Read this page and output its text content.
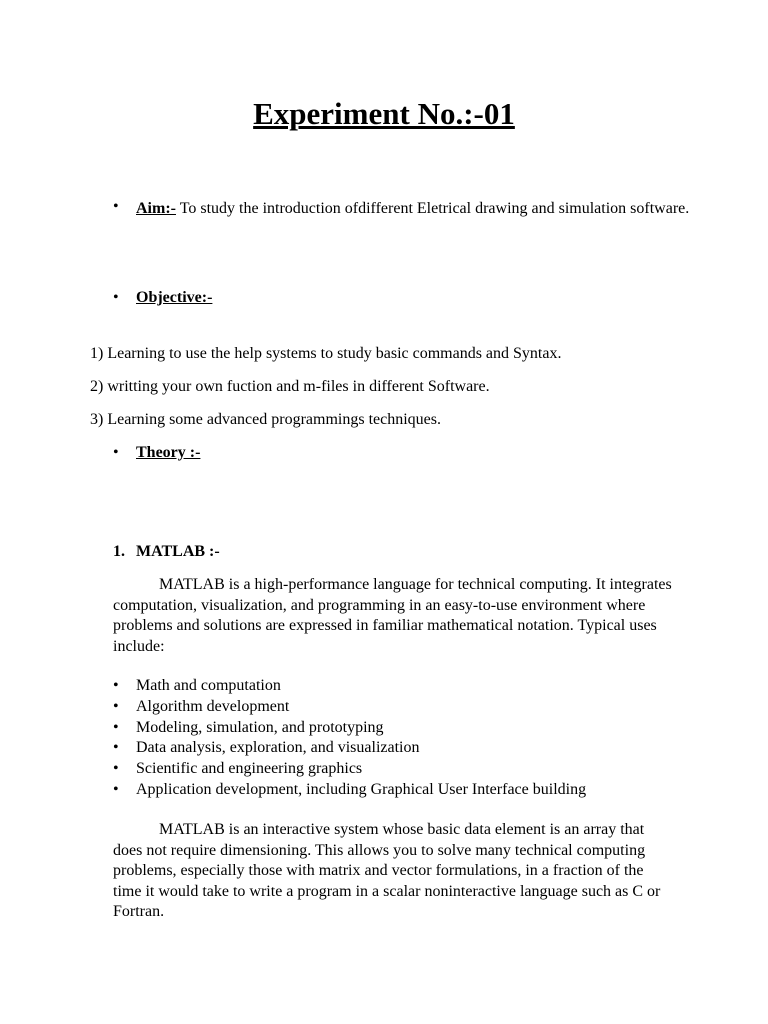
Experiment No.:-01
• Aim:- To study the introduction ofdifferent Eletrical drawing and simulation software.
• Objective:-
1) Learning to use the help systems to study basic commands and Syntax.
2) writting your own fuction and m-files in different Software.
3) Learning some advanced programmings techniques.
• Theory :-
1. MATLAB :-
MATLAB is a high-performance language for technical computing. It integrates computation, visualization, and programming in an easy-to-use environment where problems and solutions are expressed in familiar mathematical notation. Typical uses include:
• Math and computation
• Algorithm development
• Modeling, simulation, and prototyping
• Data analysis, exploration, and visualization
• Scientific and engineering graphics
• Application development, including Graphical User Interface building
MATLAB is an interactive system whose basic data element is an array that does not require dimensioning. This allows you to solve many technical computing problems, especially those with matrix and vector formulations, in a fraction of the time it would take to write a program in a scalar noninteractive language such as C or Fortran.
